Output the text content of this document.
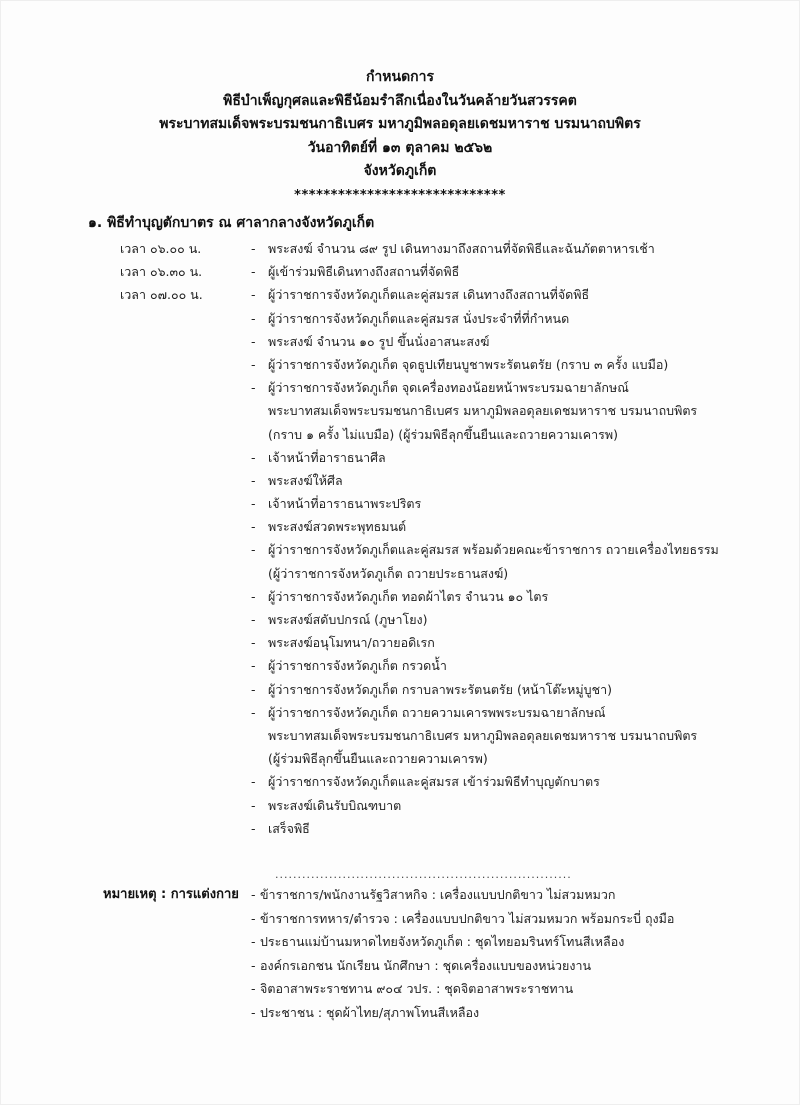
กำหนดการ
พิธีบำเพ็ญกุศลและพิธีน้อมรำลึกเนื่องในวันคล้ายวันสวรรคต
พระบาทสมเด็จพระบรมชนกาธิเบศร มหาภูมิพลอดุลยเดชมหาราช บรมนาถบพิตร
วันอาทิตย์ที่ ๑๓ ตุลาคม ๒๕๖๒
จังหวัดภูเก็ต
*****************************
๑. พิธีทำบุญตักบาตร ณ ศาลากลางจังหวัดภูเก็ต
เวลา ๐๖.๐๐ น.	- พระสงฆ์ จำนวน ๘๙ รูป เดินทางมาถึงสถานที่จัดพิธีและฉันภัตตาหารเช้า
เวลา ๐๖.๓๐ น.	- ผู้เข้าร่วมพิธีเดินทางถึงสถานที่จัดพิธี
เวลา ๐๗.๐๐ น.	- ผู้ว่าราชการจังหวัดภูเก็ตและคู่สมรส เดินทางถึงสถานที่จัดพิธี
- ผู้ว่าราชการจังหวัดภูเก็ตและคู่สมรส นั่งประจำที่ที่กำหนด
- พระสงฆ์ จำนวน ๑๐ รูป ขึ้นนั่งอาสนะสงฆ์
- ผู้ว่าราชการจังหวัดภูเก็ต จุดธูปเทียนบูชาพระรัตนตรัย (กราบ ๓ ครั้ง แบมือ)
- ผู้ว่าราชการจังหวัดภูเก็ต จุดเครื่องทองน้อยหน้าพระบรมฉายาลักษณ์
พระบาทสมเด็จพระบรมชนกาธิเบศร มหาภูมิพลอดุลยเดชมหาราช บรมนาถบพิตร
(กราบ ๑ ครั้ง ไม่แบมือ) (ผู้ร่วมพิธีลุกขึ้นยืนและถวายความเคารพ)
- เจ้าหน้าที่อาราธนาศีล
- พระสงฆ์ให้ศีล
- เจ้าหน้าที่อาราธนาพระปริตร
- พระสงฆ์สวดพระพุทธมนต์
- ผู้ว่าราชการจังหวัดภูเก็ตและคู่สมรส พร้อมด้วยคณะข้าราชการ ถวายเครื่องไทยธรรม
(ผู้ว่าราชการจังหวัดภูเก็ต ถวายประธานสงฆ์)
- ผู้ว่าราชการจังหวัดภูเก็ต ทอดผ้าไตร จำนวน ๑๐ ไตร
- พระสงฆ์สดับปกรณ์ (ภูษาโยง)
- พระสงฆ์อนุโมทนา/ถวายอดิเรก
- ผู้ว่าราชการจังหวัดภูเก็ต กรวดน้ำ
- ผู้ว่าราชการจังหวัดภูเก็ต กราบลาพระรัตนตรัย (หน้าโต๊ะหมู่บูชา)
- ผู้ว่าราชการจังหวัดภูเก็ต ถวายความเคารพพระบรมฉายาลักษณ์
พระบาทสมเด็จพระบรมชนกาธิเบศร มหาภูมิพลอดุลยเดชมหาราช บรมนาถบพิตร
(ผู้ร่วมพิธีลุกขึ้นยืนและถวายความเคารพ)
- ผู้ว่าราชการจังหวัดภูเก็ตและคู่สมรส เข้าร่วมพิธีทำบุญตักบาตร
- พระสงฆ์เดินรับบิณฑบาต
- เสร็จพิธี
..................................................................
หมายเหตุ : การแต่งกาย - ข้าราชการ/พนักงานรัฐวิสาหกิจ : เครื่องแบบปกติขาว ไม่สวมหมวก
- ข้าราชการทหาร/ตำรวจ : เครื่องแบบปกติขาว ไม่สวมหมวก พร้อมกระบี่ ถุงมือ
- ประธานแม่บ้านมหาดไทยจังหวัดภูเก็ต : ชุดไทยอมรินทร์โทนสีเหลือง
- องค์กรเอกชน นักเรียน นักศึกษา : ชุดเครื่องแบบของหน่วยงาน
- จิตอาสาพระราชทาน ๙๐๔ วปร. : ชุดจิตอาสาพระราชทาน
- ประชาชน : ชุดผ้าไทย/สุภาพโทนสีเหลือง
